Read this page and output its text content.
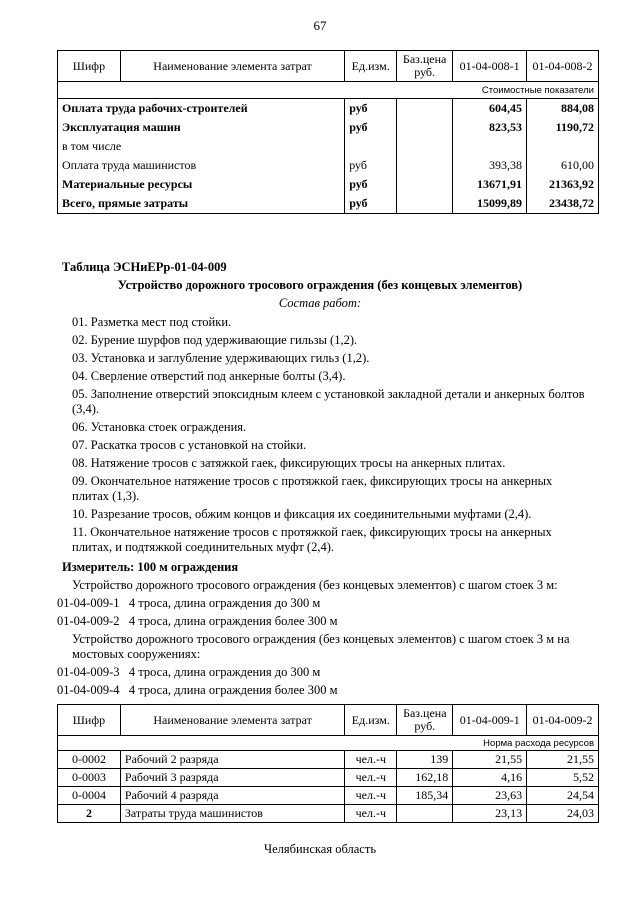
67
Шифр	Наименование элемента затрат	Ед.изм.	Баз.цена руб.	01-04-008-1	01-04-008-2
Стоимостные показатели					
Оплата труда рабочих-строителей		руб		604,45	884,08
Эксплуатация машин		руб		823,53	1190,72
в том числе					
Оплата труда машинистов		руб		393,38	610,00
Материальные ресурсы		руб		13671,91	21363,92
Всего, прямые затраты		руб		15099,89	23438,72
Таблица ЭСНиЕРр-01-04-009
Устройство дорожного тросового ограждения (без концевых элементов)
Состав работ:
01. Разметка мест под стойки.
02. Бурение шурфов под удерживающие гильзы (1,2).
03. Установка и заглубление удерживающих гильз (1,2).
04. Сверление отверстий под анкерные болты (3,4).
05. Заполнение отверстий эпоксидным клеем с установкой закладной детали и анкерных болтов (3,4).
06. Установка стоек ограждения.
07. Раскатка тросов с установкой на стойки.
08. Натяжение тросов с затяжкой гаек, фиксирующих тросы на анкерных плитах.
09. Окончательное натяжение тросов с протяжкой гаек, фиксирующих тросы на анкерных плитах (1,3).
10. Разрезание тросов, обжим концов и фиксация их соединительными муфтами (2,4).
11. Окончательное натяжение тросов с протяжкой гаек, фиксирующих тросы на анкерных плитах, и подтяжкой соединительных муфт (2,4).
Измеритель: 100 м ограждения
Устройство дорожного тросового ограждения (без концевых элементов) с шагом стоек 3 м:
01-04-009-1 4 троса, длина ограждения до 300 м
01-04-009-2 4 троса, длина ограждения более 300 м
Устройство дорожного тросового ограждения (без концевых элементов) с шагом стоек 3 м на мостовых сооружениях:
01-04-009-3 4 троса, длина ограждения до 300 м
01-04-009-4 4 троса, длина ограждения более 300 м
Шифр	Наименование элемента затрат	Ед.изм.	Баз.цена руб.	01-04-009-1	01-04-009-2
Норма расхода ресурсов					
0-0002	Рабочий 2 разряда	чел.-ч	139	21,55	21,55
0-0003	Рабочий 3 разряда	чел.-ч	162,18	4,16	5,52
0-0004	Рабочий 4 разряда	чел.-ч	185,34	23,63	24,54
2	Затраты труда машинистов	чел.-ч		23,13	24,03
Челябинская область
